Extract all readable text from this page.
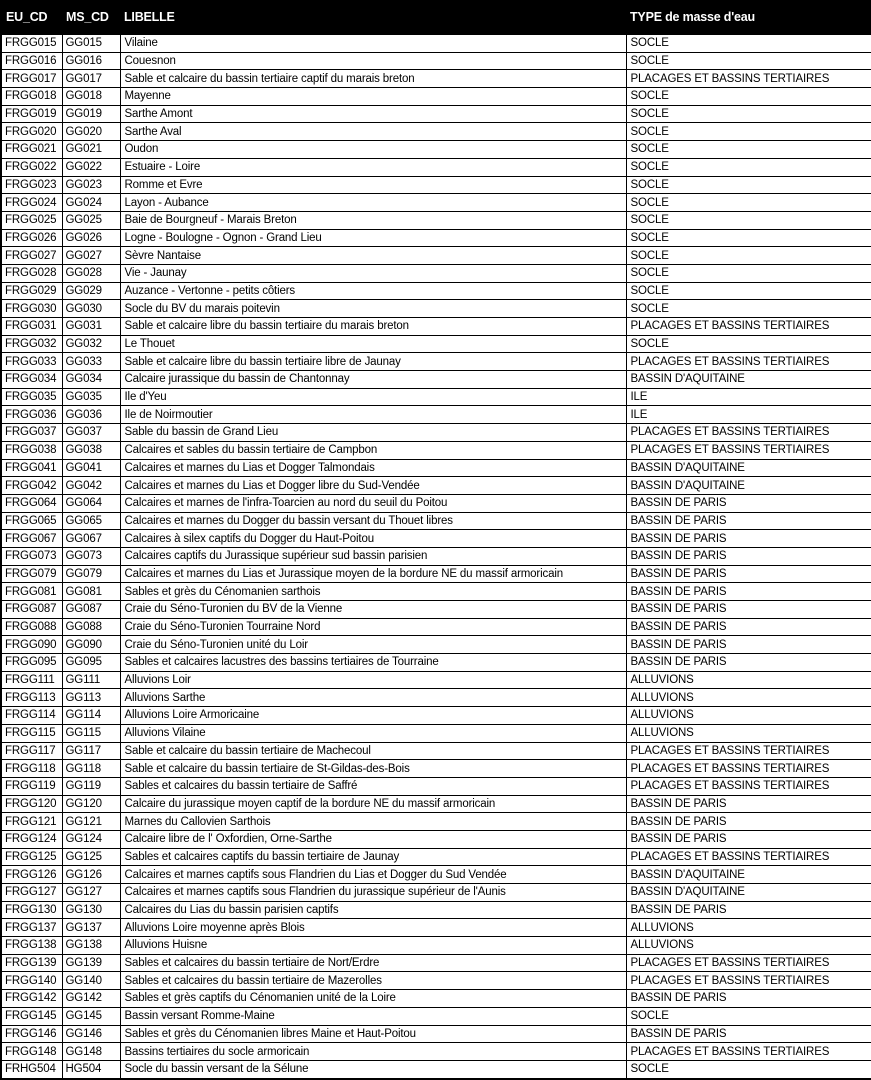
EU_CD	MS_CD	LIBELLE	TYPE de masse d'eau
FRGG015	GG015	Vilaine	SOCLE
FRGG016	GG016	Couesnon	SOCLE
FRGG017	GG017	Sable et calcaire du bassin tertiaire captif du marais breton	PLACAGES ET BASSINS TERTIAIRES
FRGG018	GG018	Mayenne	SOCLE
FRGG019	GG019	Sarthe Amont	SOCLE
FRGG020	GG020	Sarthe Aval	SOCLE
FRGG021	GG021	Oudon	SOCLE
FRGG022	GG022	Estuaire - Loire	SOCLE
FRGG023	GG023	Romme et Evre	SOCLE
FRGG024	GG024	Layon - Aubance	SOCLE
FRGG025	GG025	Baie de Bourgneuf - Marais Breton	SOCLE
FRGG026	GG026	Logne - Boulogne - Ognon - Grand Lieu	SOCLE
FRGG027	GG027	Sèvre Nantaise	SOCLE
FRGG028	GG028	Vie - Jaunay	SOCLE
FRGG029	GG029	Auzance - Vertonne - petits côtiers	SOCLE
FRGG030	GG030	Socle du BV du marais poitevin	SOCLE
FRGG031	GG031	Sable et calcaire libre du bassin tertiaire du marais breton	PLACAGES ET BASSINS TERTIAIRES
FRGG032	GG032	Le Thouet	SOCLE
FRGG033	GG033	Sable et calcaire libre du bassin tertiaire libre de Jaunay	PLACAGES ET BASSINS TERTIAIRES
FRGG034	GG034	Calcaire jurassique du bassin de Chantonnay	BASSIN D'AQUITAINE
FRGG035	GG035	Ile d'Yeu	ILE
FRGG036	GG036	Ile de Noirmoutier	ILE
FRGG037	GG037	Sable du bassin de Grand Lieu	PLACAGES ET BASSINS TERTIAIRES
FRGG038	GG038	Calcaires et sables du bassin tertiaire de Campbon	PLACAGES ET BASSINS TERTIAIRES
FRGG041	GG041	Calcaires et marnes du Lias et Dogger Talmondais	BASSIN D'AQUITAINE
FRGG042	GG042	Calcaires et marnes du Lias et Dogger libre du Sud-Vendée	BASSIN D'AQUITAINE
FRGG064	GG064	Calcaires et marnes de l'infra-Toarcien au nord du seuil du Poitou	BASSIN DE PARIS
FRGG065	GG065	Calcaires et marnes du Dogger du bassin versant du Thouet libres	BASSIN DE PARIS
FRGG067	GG067	Calcaires à silex captifs du Dogger du Haut-Poitou	BASSIN DE PARIS
FRGG073	GG073	Calcaires captifs du Jurassique supérieur sud bassin parisien	BASSIN DE PARIS
FRGG079	GG079	Calcaires et marnes du Lias et Jurassique moyen de la bordure NE du massif armoricain	BASSIN DE PARIS
FRGG081	GG081	Sables et grès du Cénomanien sarthois	BASSIN DE PARIS
FRGG087	GG087	Craie du Séno-Turonien du BV de la Vienne	BASSIN DE PARIS
FRGG088	GG088	Craie du Séno-Turonien Tourraine Nord	BASSIN DE PARIS
FRGG090	GG090	Craie du Séno-Turonien unité du Loir	BASSIN DE PARIS
FRGG095	GG095	Sables et calcaires lacustres des bassins tertiaires de Tourraine	BASSIN DE PARIS
FRGG111	GG111	Alluvions Loir	ALLUVIONS
FRGG113	GG113	Alluvions Sarthe	ALLUVIONS
FRGG114	GG114	Alluvions Loire Armoricaine	ALLUVIONS
FRGG115	GG115	Alluvions Vilaine	ALLUVIONS
FRGG117	GG117	Sable et calcaire du bassin tertiaire de Machecoul	PLACAGES ET BASSINS TERTIAIRES
FRGG118	GG118	Sable et calcaire du bassin tertiaire de St-Gildas-des-Bois	PLACAGES ET BASSINS TERTIAIRES
FRGG119	GG119	Sables et calcaires du bassin tertiaire de Saffré	PLACAGES ET BASSINS TERTIAIRES
FRGG120	GG120	Calcaire du jurassique moyen captif de la bordure NE du massif armoricain	BASSIN DE PARIS
FRGG121	GG121	Marnes du Callovien Sarthois	BASSIN DE PARIS
FRGG124	GG124	Calcaire libre de l' Oxfordien, Orne-Sarthe	BASSIN DE PARIS
FRGG125	GG125	Sables et calcaires captifs du bassin tertiaire de Jaunay	PLACAGES ET BASSINS TERTIAIRES
FRGG126	GG126	Calcaires et marnes captifs sous Flandrien du Lias et Dogger du Sud Vendée	BASSIN D'AQUITAINE
FRGG127	GG127	Calcaires et marnes captifs sous Flandrien du jurassique supérieur de l'Aunis	BASSIN D'AQUITAINE
FRGG130	GG130	Calcaires du Lias du bassin parisien captifs	BASSIN DE PARIS
FRGG137	GG137	Alluvions Loire moyenne après Blois	ALLUVIONS
FRGG138	GG138	Alluvions Huisne	ALLUVIONS
FRGG139	GG139	Sables et calcaires du bassin tertiaire de Nort/Erdre	PLACAGES ET BASSINS TERTIAIRES
FRGG140	GG140	Sables et calcaires du bassin tertiaire de Mazerolles	PLACAGES ET BASSINS TERTIAIRES
FRGG142	GG142	Sables et grès captifs du Cénomanien unité de la Loire	BASSIN DE PARIS
FRGG145	GG145	Bassin versant Romme-Maine	SOCLE
FRGG146	GG146	Sables et grès du Cénomanien libres Maine et Haut-Poitou	BASSIN DE PARIS
FRGG148	GG148	Bassins tertiaires du socle armoricain	PLACAGES ET BASSINS TERTIAIRES
FRHG504	HG504	Socle du bassin versant de la Sélune	SOCLE
